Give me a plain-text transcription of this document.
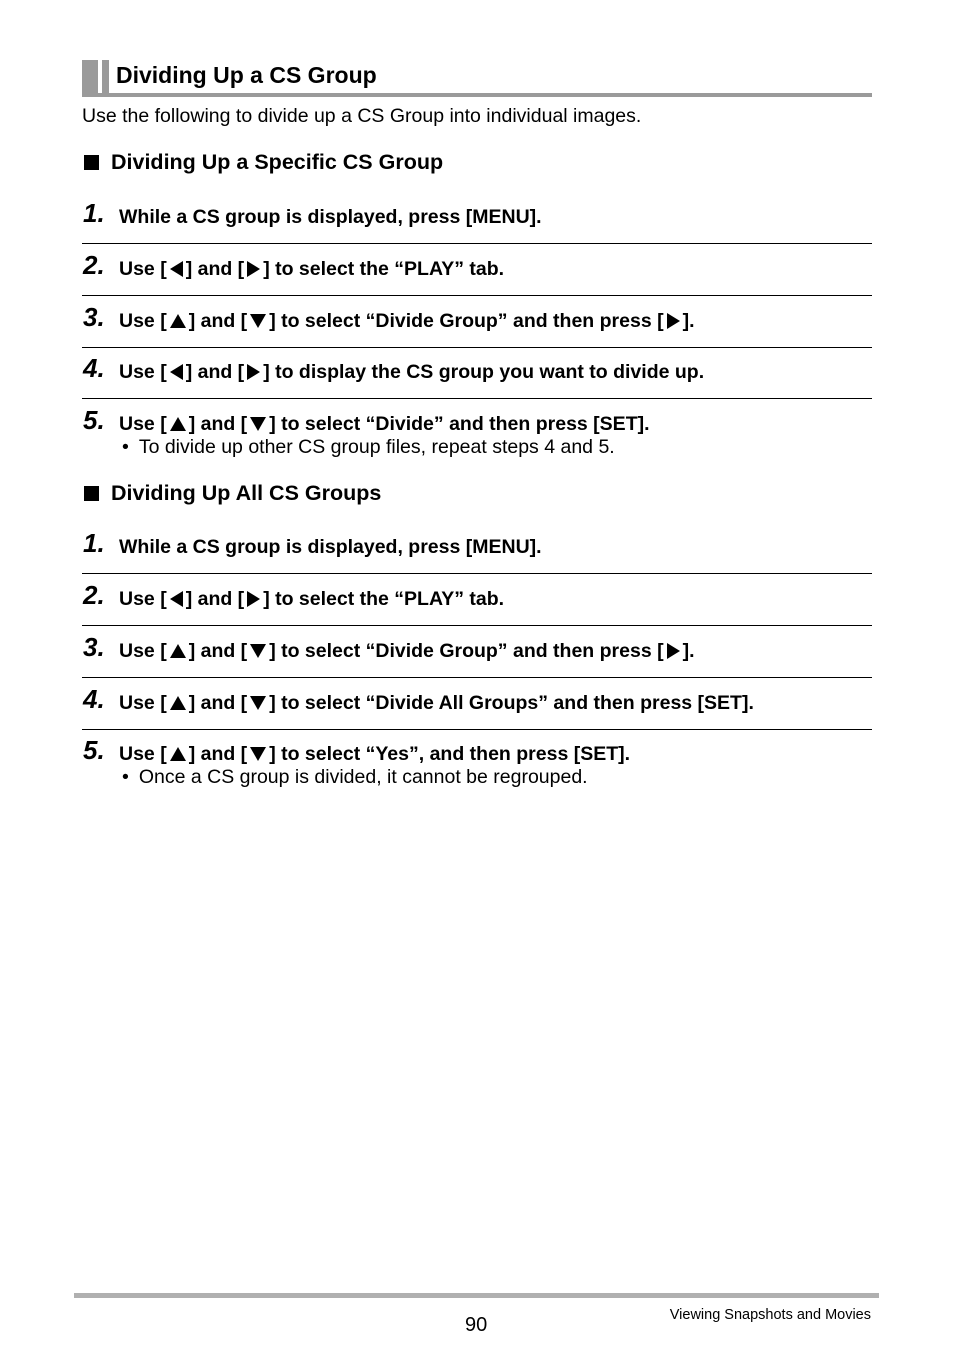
Dividing Up a CS Group
Use the following to divide up a CS Group into individual images.
Dividing Up a Specific CS Group
1. While a CS group is displayed, press [MENU].
2. Use [ ] and [ ] to select the “PLAY” tab.
3. Use [ ] and [ ] to select “Divide Group” and then press [ ].
4. Use [ ] and [ ] to display the CS group you want to divide up.
5. Use [ ] and [ ] to select “Divide” and then press [SET].
• To divide up other CS group files, repeat steps 4 and 5.
Dividing Up All CS Groups
1. While a CS group is displayed, press [MENU].
2. Use [ ] and [ ] to select the “PLAY” tab.
3. Use [ ] and [ ] to select “Divide Group” and then press [ ].
4. Use [ ] and [ ] to select “Divide All Groups” and then press [SET].
5. Use [ ] and [ ] to select “Yes”, and then press [SET].
• Once a CS group is divided, it cannot be regrouped.
90	Viewing Snapshots and Movies
